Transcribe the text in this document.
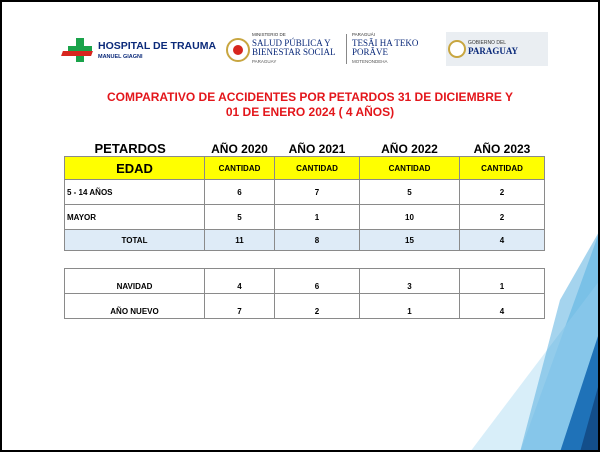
HOSPITAL DE TRAUMA
MANUEL GIAGNI
MINISTERIO DE
SALUD PÚBLICA Y
BIENESTAR SOCIAL
PARAGUAY
PARAGUÁI
TESÃI HA TEKO
PORÃVE
MOTENONDEHA
GOBIERNO DEL
PARAGUAY
COMPARATIVO DE ACCIDENTES POR PETARDOS 31 DE DICIEMBRE Y
01 DE ENERO 2024 ( 4 AÑOS)
PETARDOS	AÑO 2020	AÑO 2021	AÑO 2022	AÑO 2023
EDAD	CANTIDAD	CANTIDAD	CANTIDAD	CANTIDAD
5 - 14 AÑOS	6	7	5	2
MAYOR	5	1	10	2
TOTAL	11	8	15	4
NAVIDAD	4	6	3	1
AÑO NUEVO	7	2	1	4
